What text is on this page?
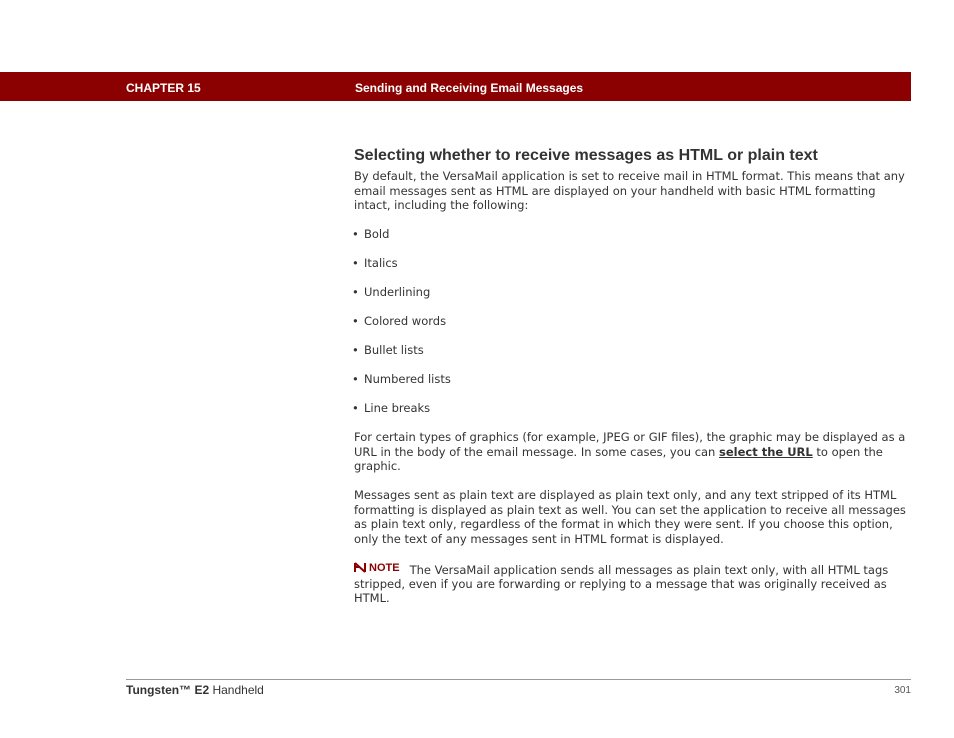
CHAPTER 15	Sending and Receiving Email Messages
Selecting whether to receive messages as HTML or plain text

By default, the VersaMail application is set to receive mail in HTML format. This means that any email messages sent as HTML are displayed on your handheld with basic HTML formatting intact, including the following:

• Bold
• Italics
• Underlining
• Colored words
• Bullet lists
• Numbered lists
• Line breaks

For certain types of graphics (for example, JPEG or GIF files), the graphic may be displayed as a URL in the body of the email message. In some cases, you can select the URL to open the graphic.

Messages sent as plain text are displayed as plain text only, and any text stripped of its HTML formatting is displayed as plain text as well. You can set the application to receive all messages as plain text only, regardless of the format in which they were sent. If you choose this option, only the text of any messages sent in HTML format is displayed.

NOTE The VersaMail application sends all messages as plain text only, with all HTML tags stripped, even if you are forwarding or replying to a message that was originally received as HTML.

Tungsten™ E2 Handheld	301
